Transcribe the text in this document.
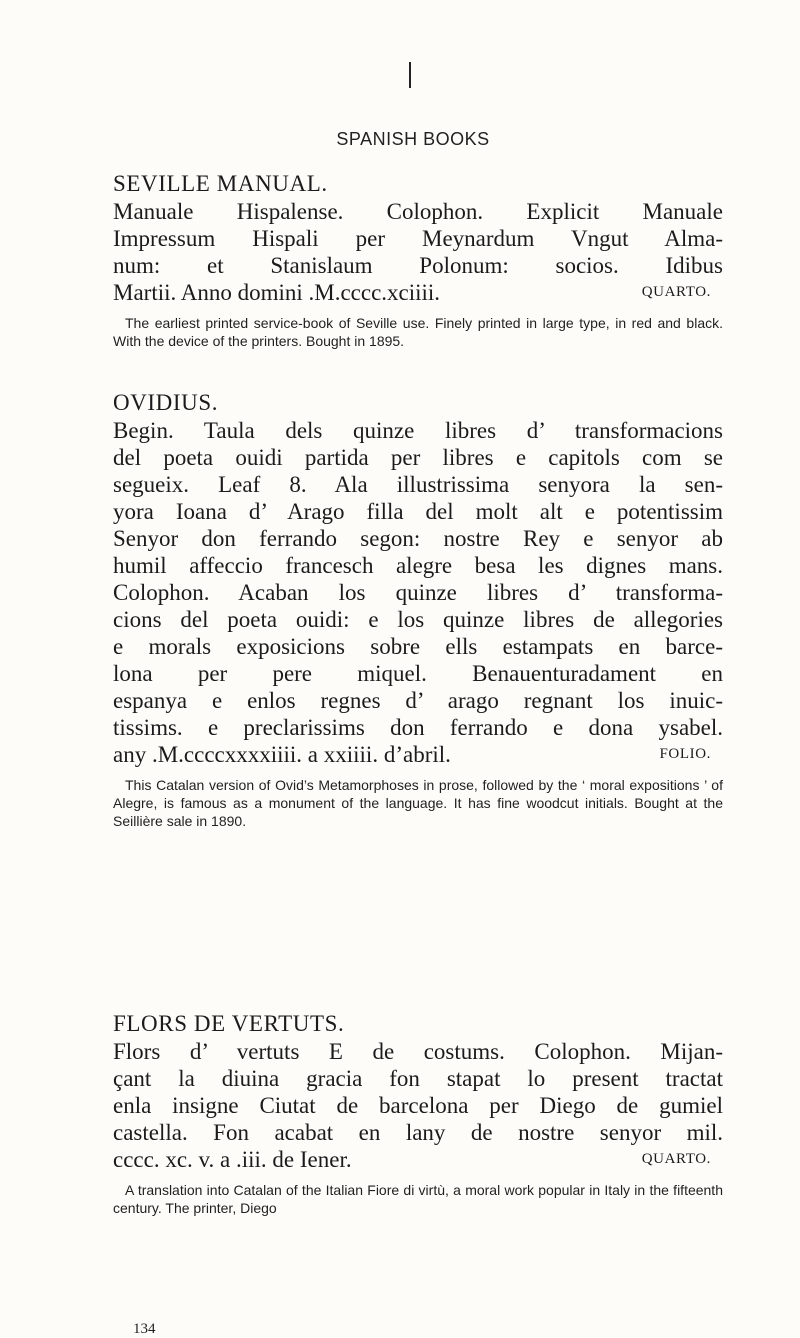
SPANISH BOOKS

SEVILLE MANUAL.

Manuale Hispalense. Colophon. Explicit Manuale
Impressum Hispali per Meynardum Vngut Alma-
num: et Stanislaum Polonum: socios. Idibus
Martii. Anno domini .M.cccc.xciiii.	QUARTO.

The earliest printed service-book of Seville use. Finely printed in large type, in red and black. With the device of the printers. Bought in 1895.

OVIDIUS.

Begin. Taula dels quinze libres d’ transformacions
del poeta ouidi partida per libres e capitols com se
segueix. Leaf 8. Ala illustrissima senyora la sen-
yora Ioana d’ Arago filla del molt alt e potentissim
Senyor don ferrando segon: nostre Rey e senyor ab
humil affeccio francesch alegre besa les dignes mans.
Colophon. Acaban los quinze libres d’ transforma-
cions del poeta ouidi: e los quinze libres de allegories
e morals exposicions sobre ells estampats en barce-
lona per pere miquel. Benauenturadament en
espanya e enlos regnes d’ arago regnant los inuic-
tissims. e preclarissims don ferrando e dona ysabel.
any .M.ccccxxxxiiii. a xxiiii. d’abril.	FOLIO.

This Catalan version of Ovid’s Metamorphoses in prose, followed by the ‘ moral expositions ’ of Alegre, is famous as a monument of the language. It has fine woodcut initials. Bought at the Seillière sale in 1890.

FLORS DE VERTUTS.

Flors d’ vertuts E de costums. Colophon. Mijan-
çant la diuina gracia fon stapat lo present tractat
enla insigne Ciutat de barcelona per Diego de gumiel
castella. Fon acabat en lany de nostre senyor mil.
cccc. xc. v. a .iii. de Iener.	QUARTO.

A translation into Catalan of the Italian Fiore di virtù, a moral work popular in Italy in the fifteenth century. The printer, Diego

134
